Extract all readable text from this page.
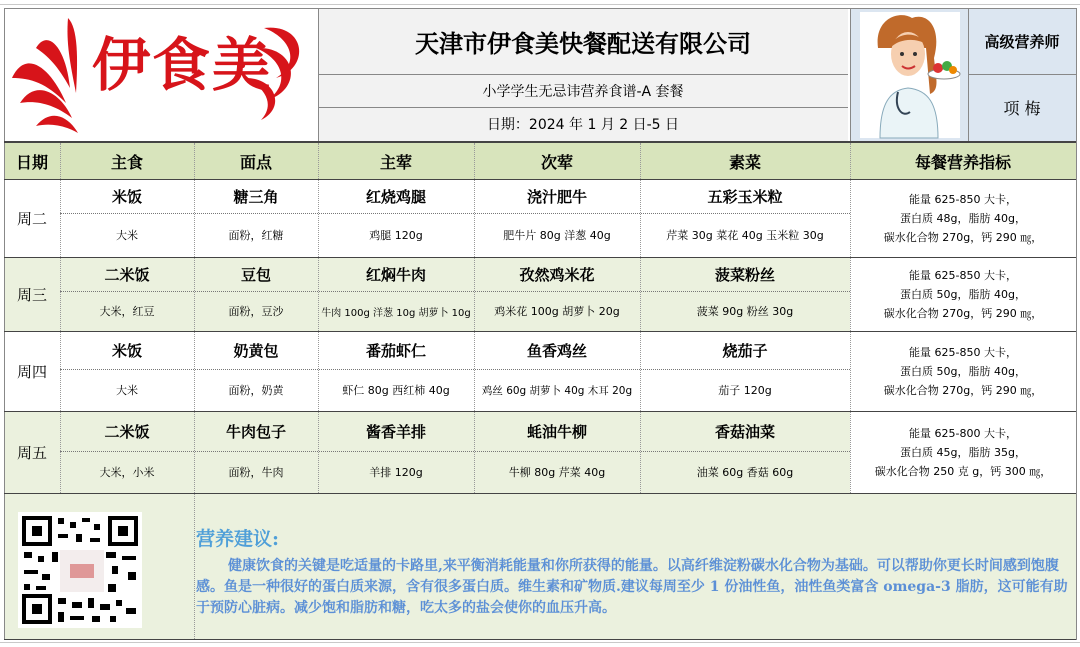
伊食美	天津市伊食美快餐配送有限公司
小学学生无忌讳营养食谱-A 套餐
日期：2024 年 1 月 2 日-5 日
高级营养师
项 梅
日期	主食	面点	主荤	次荤	素菜	每餐营养指标
周二
米饭	糖三角	红烧鸡腿	浇汁肥牛	五彩玉米粒
大米	面粉，红糖	鸡腿 120g	肥牛片 80g 洋葱 40g	芹菜 30g 菜花 40g 玉米粒 30g
能量 625-850 大卡，
蛋白质 48g，脂肪 40g，
碳水化合物 270g，钙 290 ㎎，
周三
二米饭	豆包	红焖牛肉	孜然鸡米花	菠菜粉丝
大米，红豆	面粉，豆沙	牛肉 100g 洋葱 10g 胡萝卜 10g	鸡米花 100g 胡萝卜 20g	菠菜 90g 粉丝 30g
能量 625-850 大卡，
蛋白质 50g，脂肪 40g，
碳水化合物 270g，钙 290 ㎎，
周四
米饭	奶黄包	番茄虾仁	鱼香鸡丝	烧茄子
大米	面粉，奶黄	虾仁 80g 西红柿 40g	鸡丝 60g 胡萝卜 40g 木耳 20g	茄子 120g
能量 625-850 大卡，
蛋白质 50g，脂肪 40g，
碳水化合物 270g，钙 290 ㎎，
周五
二米饭	牛肉包子	酱香羊排	蚝油牛柳	香菇油菜
大米，小米	面粉，牛肉	羊排 120g	牛柳 80g 芹菜 40g	油菜 60g 香菇 60g
能量 625-800 大卡，
蛋白质 45g，脂肪 35g，
碳水化合物 250 克 g，钙 300 ㎎，
营养建议:
健康饮食的关键是吃适量的卡路里,来平衡消耗能量和你所获得的能量。以高纤维淀粉碳水化合物为基础。可以帮助你更长时间感到饱腹感。鱼是一种很好的蛋白质来源，含有很多蛋白质。维生素和矿物质.建议每周至少 1 份油性鱼，油性鱼类富含 omega-3 脂肪，这可能有助于预防心脏病。减少饱和脂肪和糖，吃太多的盐会使你的血压升高。
